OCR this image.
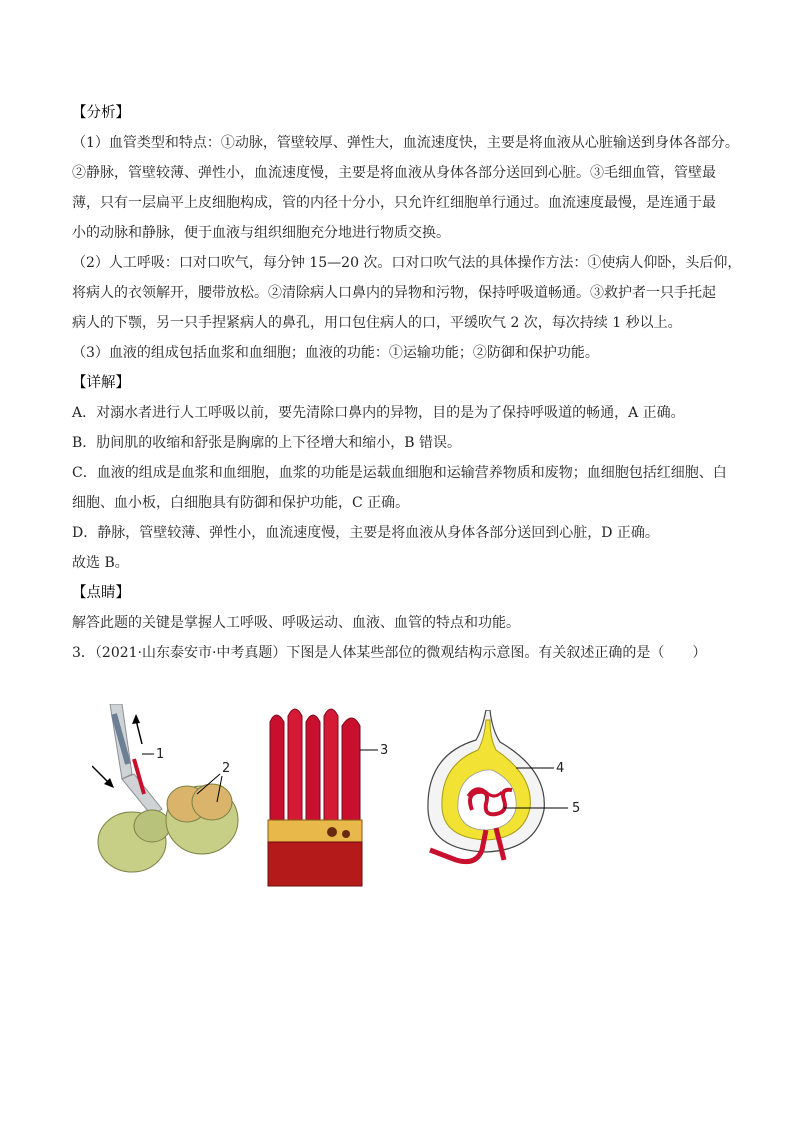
【分析】

（1）血管类型和特点：①动脉，管壁较厚、弹性大，血流速度快，主要是将血液从心脏输送到身体各部分。

②静脉，管壁较薄、弹性小，血流速度慢，主要是将血液从身体各部分送回到心脏。③毛细血管，管壁最

薄，只有一层扁平上皮细胞构成，管的内径十分小，只允许红细胞单行通过。血流速度最慢，是连通于最

小的动脉和静脉，便于血液与组织细胞充分地进行物质交换。

（2）人工呼吸：口对口吹气，每分钟 15—20 次。口对口吹气法的具体操作方法：①使病人仰卧，头后仰，

将病人的衣领解开，腰带放松。②清除病人口鼻内的异物和污物，保持呼吸道畅通。③救护者一只手托起

病人的下颚，另一只手捏紧病人的鼻孔，用口包住病人的口，平缓吹气 2 次，每次持续 1 秒以上。

（3）血液的组成包括血浆和血细胞；血液的功能：①运输功能；②防御和保护功能。

【详解】

A．对溺水者进行人工呼吸以前，要先清除口鼻内的异物，目的是为了保持呼吸道的畅通，A 正确。

B．肋间肌的收缩和舒张是胸廓的上下径增大和缩小，B 错误。

C．血液的组成是血浆和血细胞，血浆的功能是运载血细胞和运输营养物质和废物；血细胞包括红细胞、白

细胞、血小板，白细胞具有防御和保护功能，C 正确。

D．静脉，管壁较薄、弹性小，血流速度慢，主要是将血液从身体各部分送回到心脏，D 正确。

故选 B。

【点睛】

解答此题的关键是掌握人工呼吸、呼吸运动、血液、血管的特点和功能。

3．（2021·山东泰安市·中考真题）下图是人体某些部位的微观结构示意图。有关叙述正确的是（　　）

1
2
3
4
5
